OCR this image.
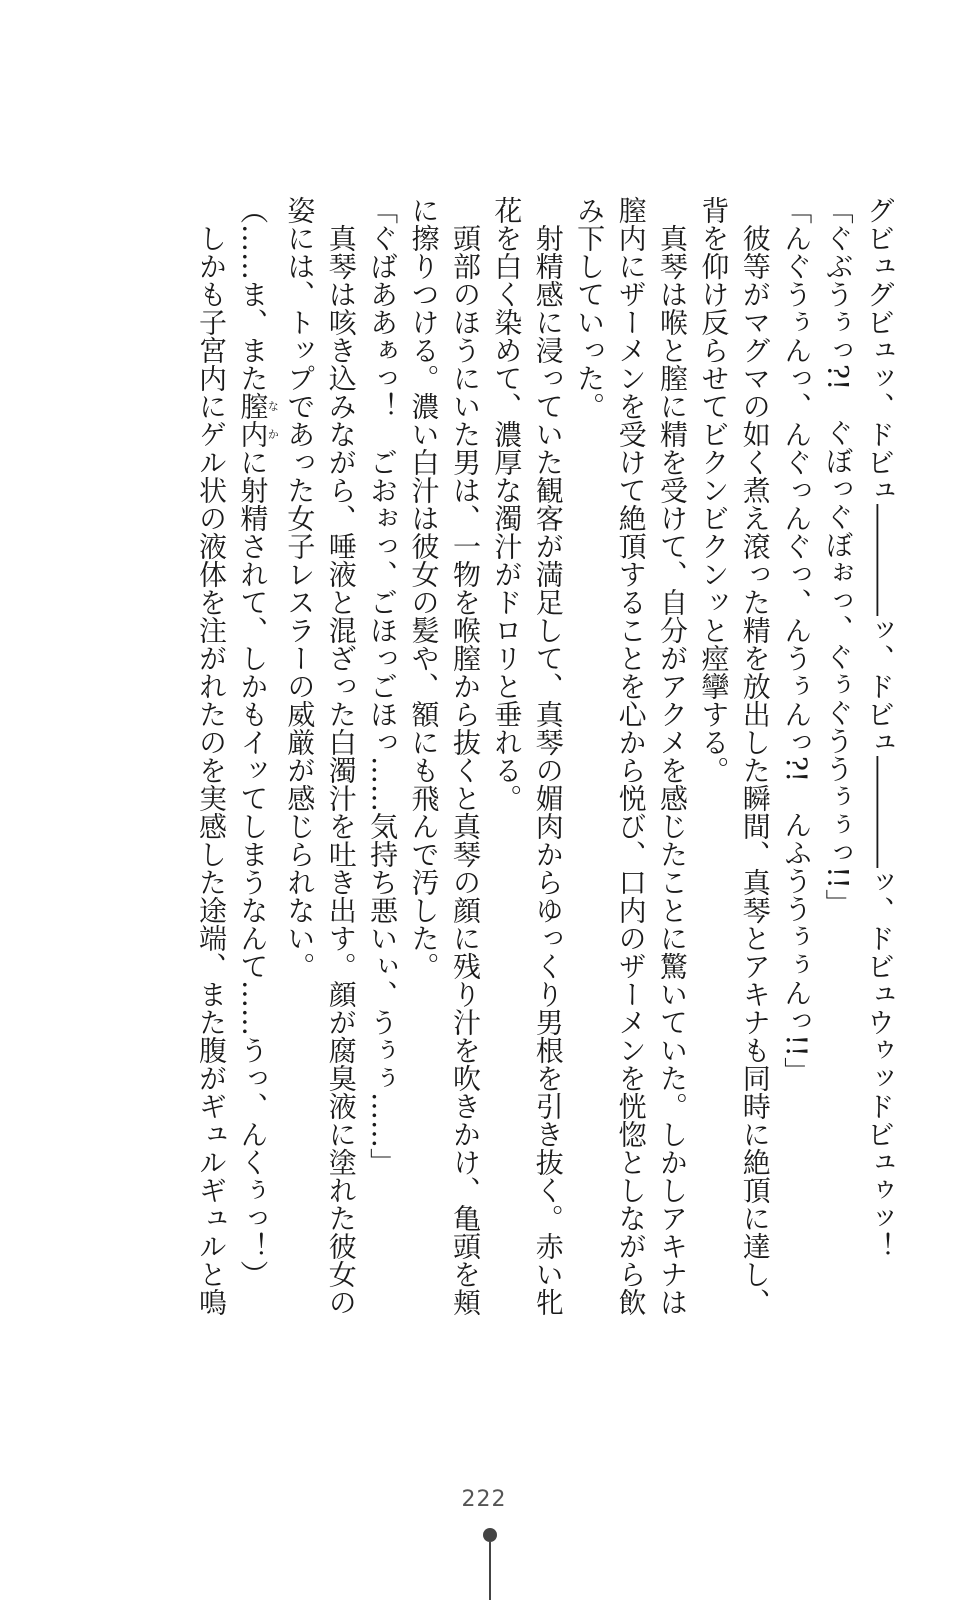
グビュグビュッ、ドビュ――――ッ、ドビュ――――ッ、ドビュウゥッドビュゥッ！

「ぐぶうぅっ?!　ぐぼっぐぼぉっ、ぐぅぐううぅぅっ!!」

「んぐうぅんっ、んぐっんぐっ、んうぅんっ?!　んふううぅぅんっ!!」

　彼等がマグマの如く煮え滾った精を放出した瞬間、真琴とアキナも同時に絶頂に達し、

背を仰け反らせてビクンビクンッと痙攣する。

　真琴は喉と膣に精を受けて、自分がアクメを感じたことに驚いていた。しかしアキナは

膣内にザーメンを受けて絶頂することを心から悦び、口内のザーメンを恍惚としながら飲

み下していった。

　射精感に浸っていた観客が満足して、真琴の媚肉からゆっくり男根を引き抜く。赤い牝

花を白く染めて、濃厚な濁汁がドロリと垂れる。

　頭部のほうにいた男は、一物を喉膣から抜くと真琴の顔に残り汁を吹きかけ、亀頭を頬

に擦りつける。濃い白汁は彼女の髪や、額にも飛んで汚した。

「ぐばああぁっ！　ごおぉっ、ごほっごほっ……気持ち悪いぃ、うぅぅ……」

　真琴は咳き込みながら、唾液と混ざった白濁汁を吐き出す。顔が腐臭液に塗れた彼女の

姿には、トップであった女子レスラーの威厳が感じられない。

（……ま、また膣内なかに射精されて、しかもイッてしまうなんて……うっ、んくぅっ！）

　しかも子宮内にゲル状の液体を注がれたのを実感した途端、また腹がギュルギュルと鳴

222
